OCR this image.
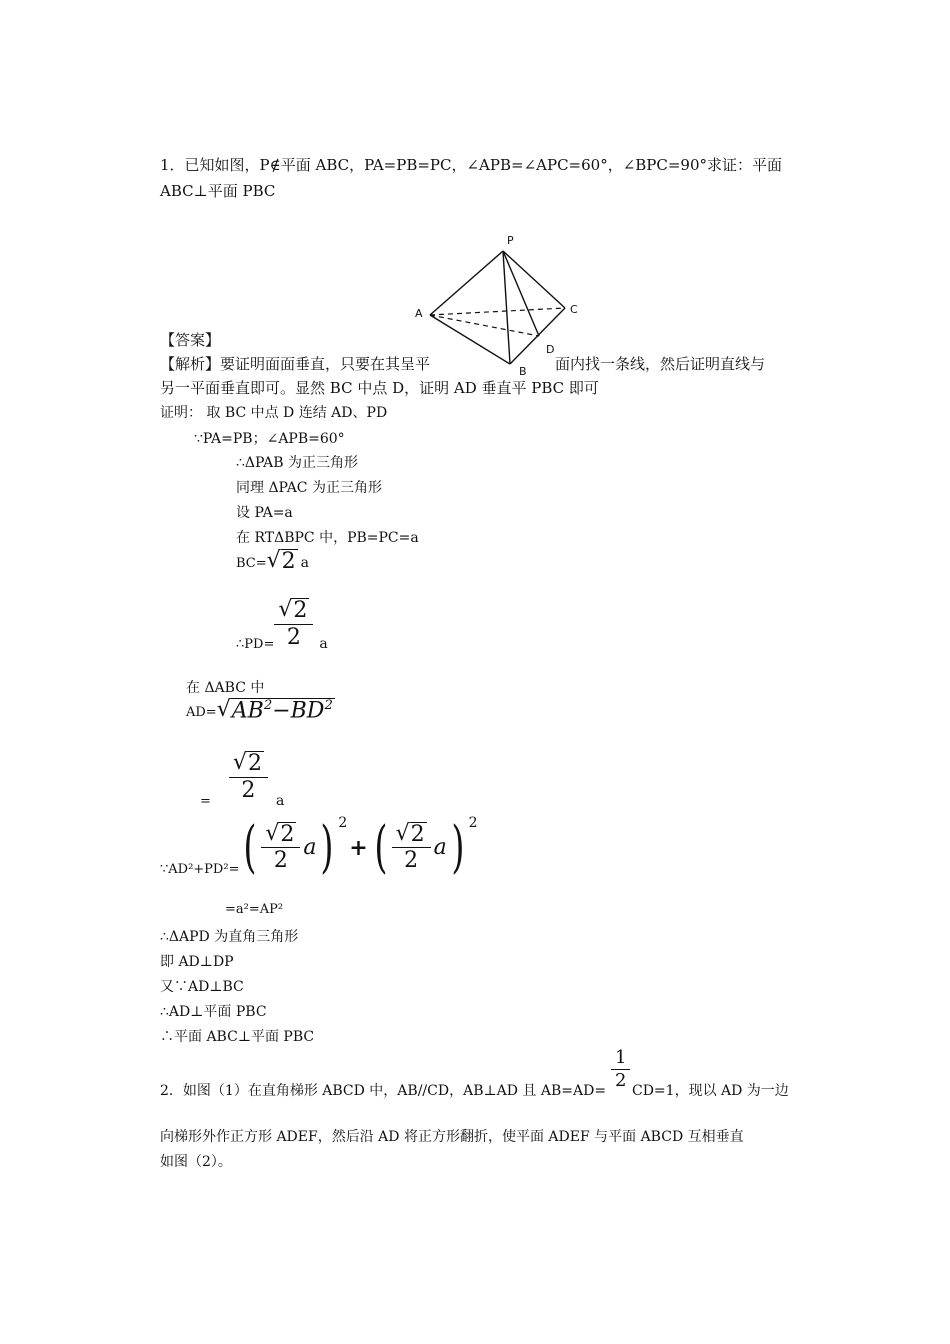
1．已知如图，P∉平面 ABC，PA=PB=PC，∠APB=∠APC=60°，∠BPC=90°求证：平面
ABC⊥平面 PBC
P
A	C
D
B
【答案】
【解析】要证明面面垂直，只要在其呈平	面内找一条线，然后证明直线与
另一平面垂直即可。显然 BC 中点 D，证明 AD 垂直平 PBC 即可
证明： 取 BC 中点 D 连结 AD、PD
∵PA=PB；∠APB=60°
∴ΔPAB 为正三角形
同理 ΔPAC 为正三角形
设 PA=a
在 RTΔBPC 中，PB=PC=a
BC= √ 2 a
∴PD= $\frac{√ 2}{2}$ a
在 ΔABC 中
AD= √ $AB^2-BD^2$
= $\frac{√ 2}{2}$ a
∵AD²+PD²= ( $\frac{√ 2}{2}$ a ) 2
+ ( $\frac{√ 2}{2}$ a ) 2
=a²=AP²
∴ΔAPD 为直角三角形
即 AD⊥DP
又∵AD⊥BC
∴AD⊥平面 PBC
∴平面 ABC⊥平面 PBC
2．如图（1）在直角梯形 ABCD 中，AB//CD，AB⊥AD 且 AB=AD=
$\frac{1}{2}$
CD=1，现以 AD 为一边
向梯形外作正方形 ADEF，然后沿 AD 将正方形翻折，使平面 ADEF 与平面 ABCD 互相垂直
如图（2）。
